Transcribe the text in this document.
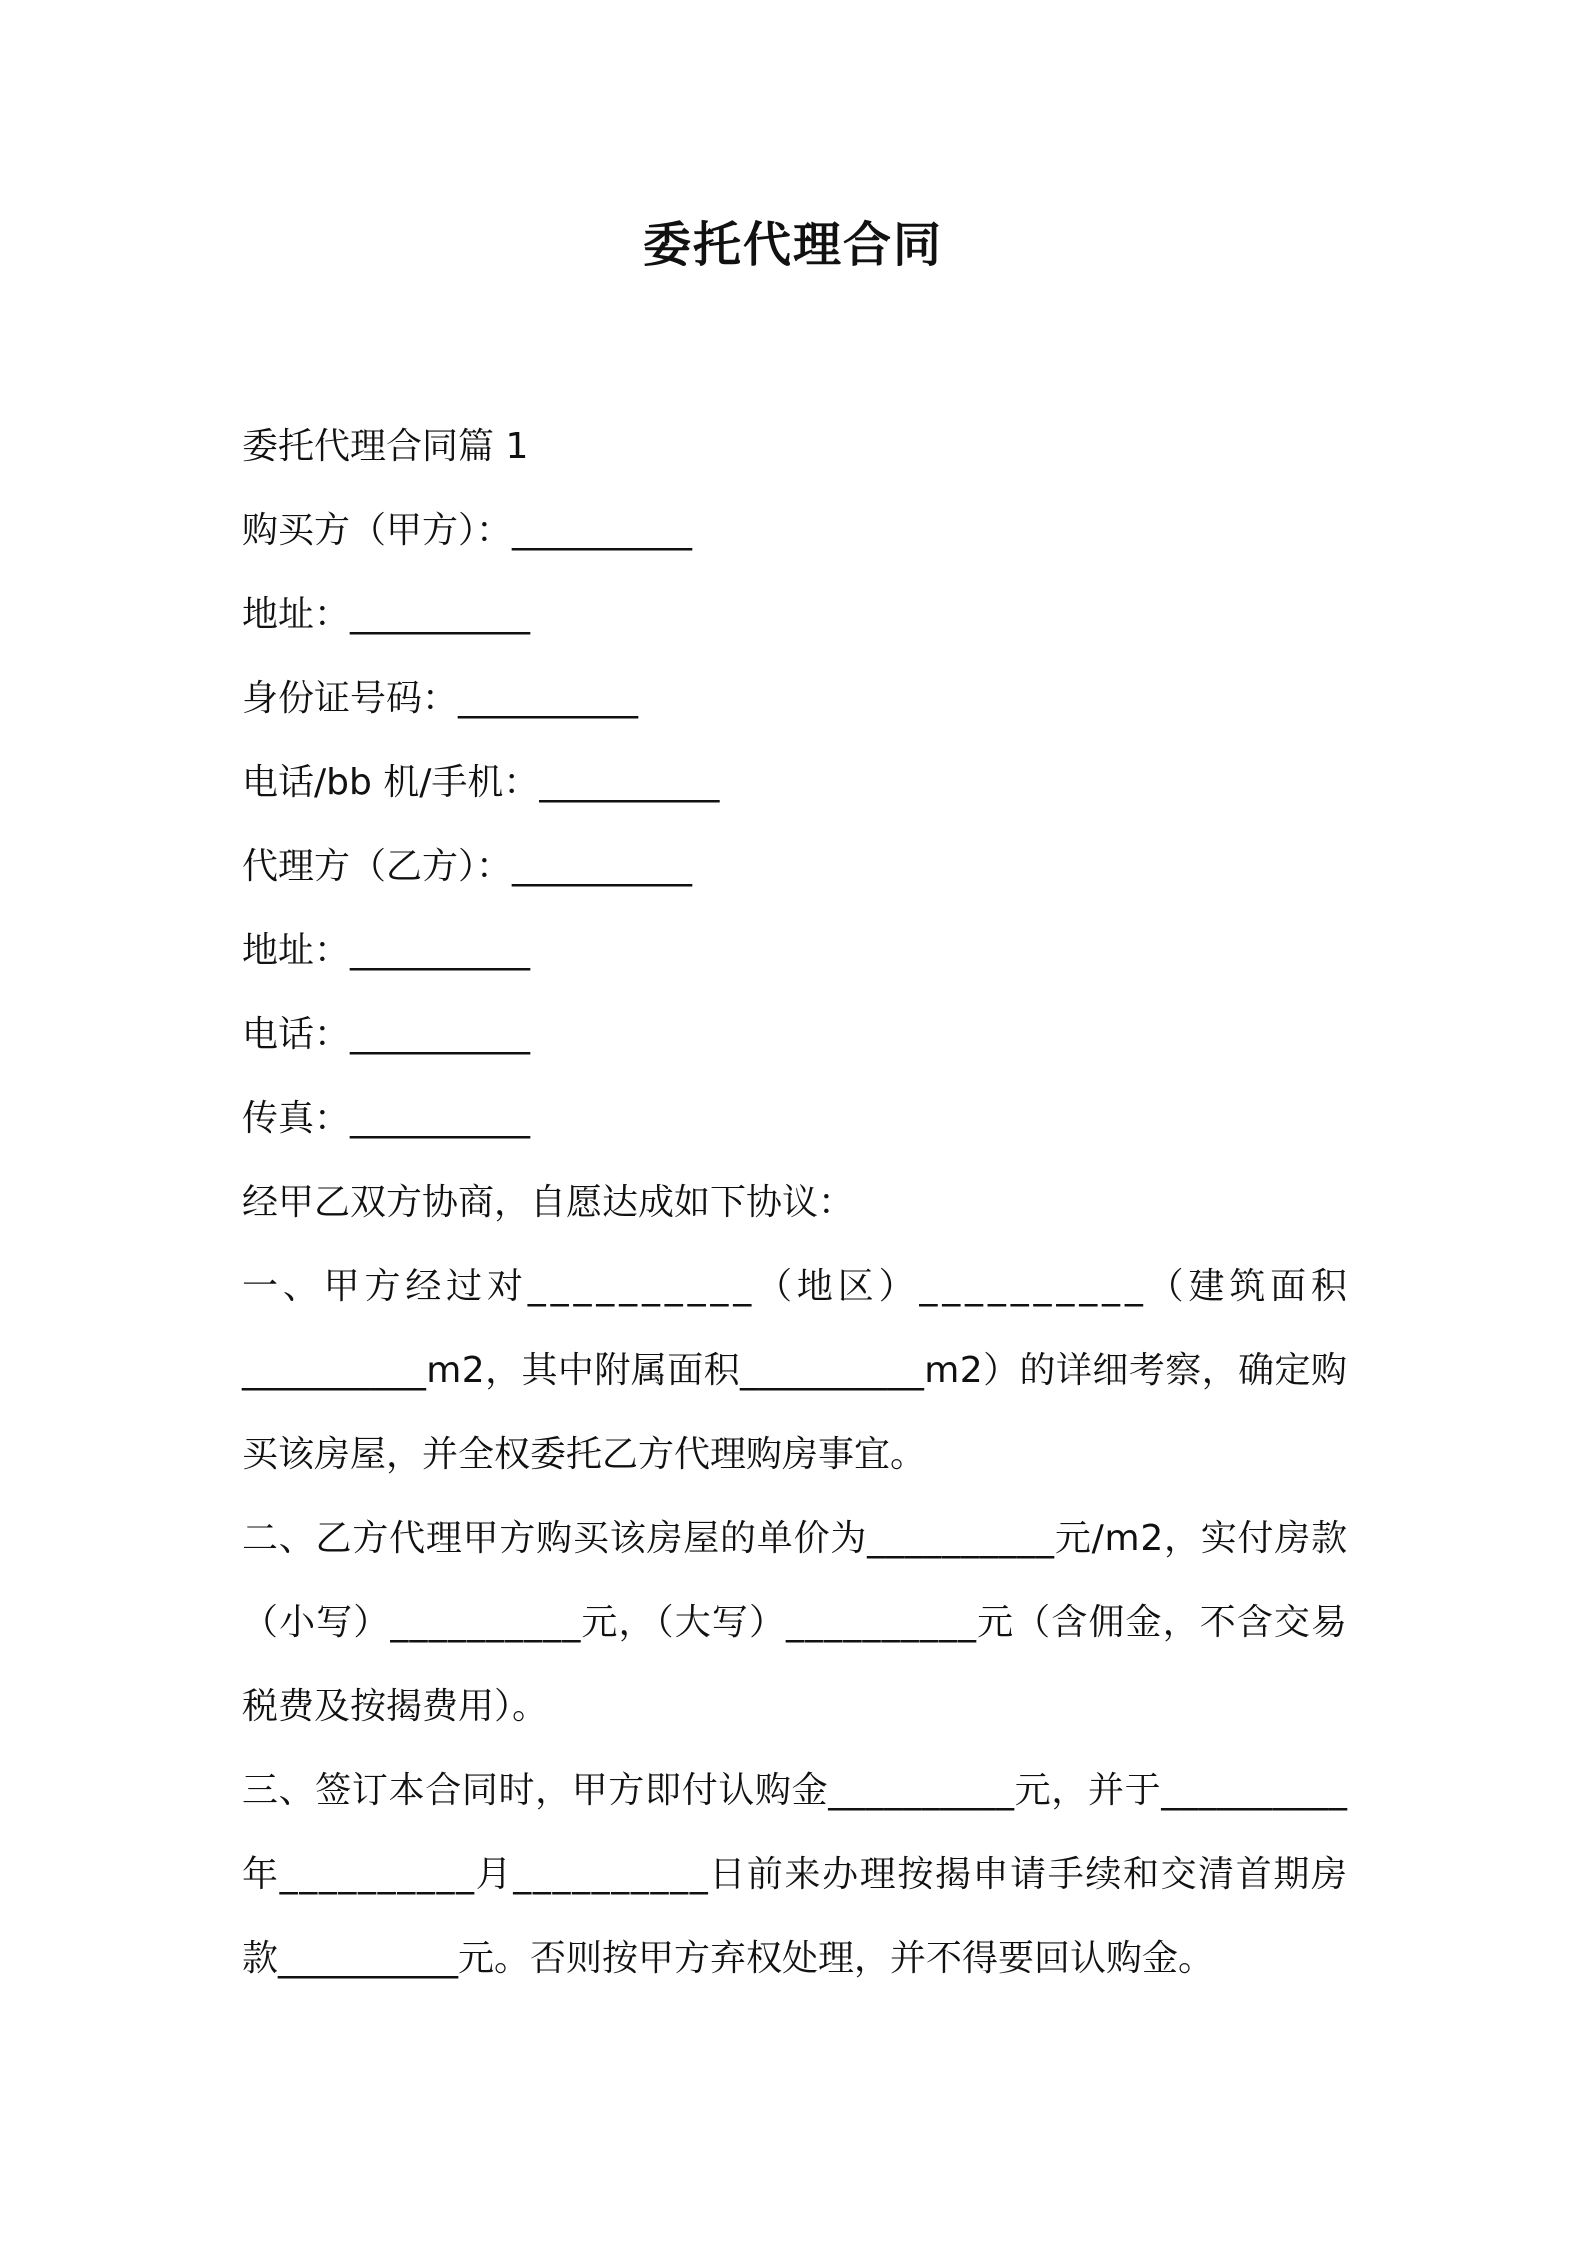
委托代理合同
委托代理合同篇 1
购买方（甲方）：__________
地址：__________
身份证号码：__________
电话/bb 机/手机：__________
代理方（乙方）：__________
地址：__________
电话：__________
传真：__________
经甲乙双方协商，自愿达成如下协议：
一、甲方经过对__________（地区）__________（建筑面积
__________m2，其中附属面积__________m2）的详细考察，确定购
买该房屋，并全权委托乙方代理购房事宜。
二、乙方代理甲方购买该房屋的单价为__________元/m2，实付房款
（小写）__________元，（大写）__________元（含佣金，不含交易
税费及按揭费用）。
三、签订本合同时，甲方即付认购金__________元，并于__________
年__________月__________日前来办理按揭申请手续和交清首期房
款__________元。否则按甲方弃权处理，并不得要回认购金。
